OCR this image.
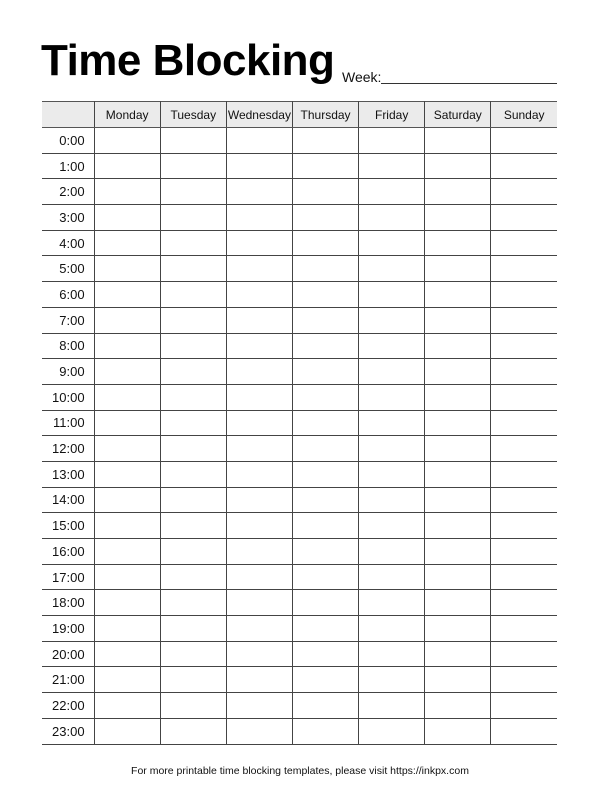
Time Blocking Week:
	Monday	Tuesday	Wednesday	Thursday	Friday	Saturday	Sunday
0:00							
1:00							
2:00							
3:00							
4:00							
5:00							
6:00							
7:00							
8:00							
9:00							
10:00							
11:00							
12:00							
13:00							
14:00							
15:00							
16:00							
17:00							
18:00							
19:00							
20:00							
21:00							
22:00							
23:00							
For more printable time blocking templates, please visit https://inkpx.com
